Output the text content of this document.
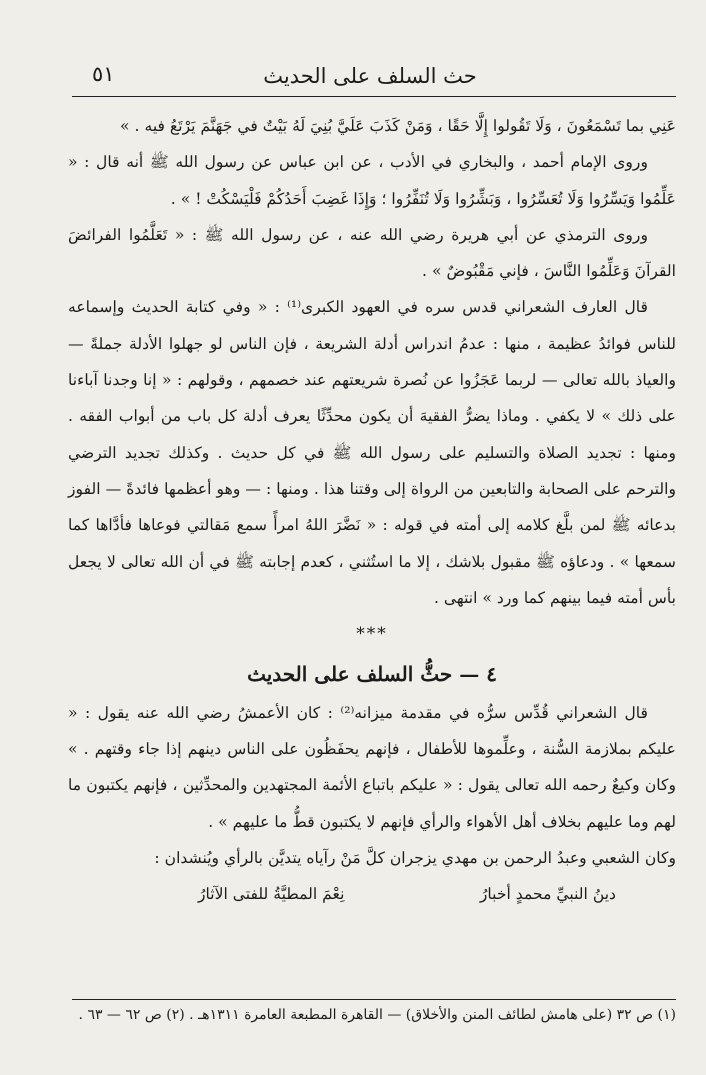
حث السلف على الحديث
٥١

عَنِي بما تَسْمَعُونَ ، وَلَا تَقُولوا إِلَّا حَقًا ، وَمَنْ كَذَبَ عَلَيَّ بُنِيَ لَهُ بَيْتٌ في جَهَنَّمَ يَرْتَعُ فيه . »

وروى الإمام أحمد ، والبخاري في الأدب ، عن ابن عباس عن رسول الله ﷺ أنه قال : « عَلِّمُوا وَيَسِّرُوا وَلَا تُعَسِّرُوا ، وَبَشِّرُوا وَلَا تُنَفِّرُوا ؛ وَإِذَا غَضِبَ أَحَدُكُمْ فَلْيَسْكُتْ ! » .

وروى الترمذي عن أبي هريرة رضي الله عنه ، عن رسول الله ﷺ : « تَعَلَّمُوا الفرائضَ القرآنَ وَعَلِّمُوا النَّاسَ ، فإني مَقْبُوضٌ » .

قال العارف الشعراني قدس سره في العهود الكبرى⁽¹⁾ : « وفي كتابة الحديث وإسماعه للناس فوائدُ عظيمة ، منها : عدمُ اندراس أدلة الشريعة ، فإن الناس لو جهلوا الأدلة جملةً — والعياذ بالله تعالى — لربما عَجَزُوا عن نُصرة شريعتهم عند خصمهم ، وقولهم : « إنا وجدنا آباءنا على ذلك » لا يكفي . وماذا يضرُّ الفقيهَ أن يكون محدِّثًا يعرف أدلة كل باب من أبواب الفقه . ومنها : تجديد الصلاة والتسليم على رسول الله ﷺ في كل حديث . وكذلك تجديد الترضي والترحم على الصحابة والتابعين من الرواة إلى وقتنا هذا . ومنها : — وهو أعظمها فائدةً — الفوز بدعائه ﷺ لمن بلَّغ كلامه إلى أمته في قوله : « نَضَّرَ اللهُ امرأً سمع مَقالتي فوعاها فأدَّاها كما سمعها » . ودعاؤه ﷺ مقبول بلاشك ، إلا ما استُثني ، كعدم إجابته ﷺ في أن الله تعالى لا يجعل بأس أمته فيما بينهم كما ورد » انتهى .

***

٤ — حثُّ السلف على الحديث

قال الشعراني قُدِّس سرُّه في مقدمة ميزانه⁽²⁾ : كان الأعمشُ رضي الله عنه يقول : « عليكم بملازمة السُّنة ، وعلِّموها للأطفال ، فإنهم يحفَظُون على الناس دينهم إذا جاء وقتهم . » وكان وكيعٌ رحمه الله تعالى يقول : « عليكم باتباع الأئمة المجتهدين والمحدِّثين ، فإنهم يكتبون ما لهم وما عليهم بخلاف أهل الأهواء والرأي فإنهم لا يكتبون قطُّ ما عليهم » .

وكان الشعبي وعبدُ الرحمن بن مهدي يزجران كلَّ مَنْ رآياه يتديَّن بالرأي ويُنشدان :

دينُ النبيِّ محمدٍ أخبارُ
نِعْمَ المطيَّةُ للفتى الآثارُ
(١) ص ٣٢ (على هامش لطائف المنن والأخلاق) — القاهرة المطبعة العامرة ١٣١١هـ . (٢) ص ٦٢ — ٦٣ .
